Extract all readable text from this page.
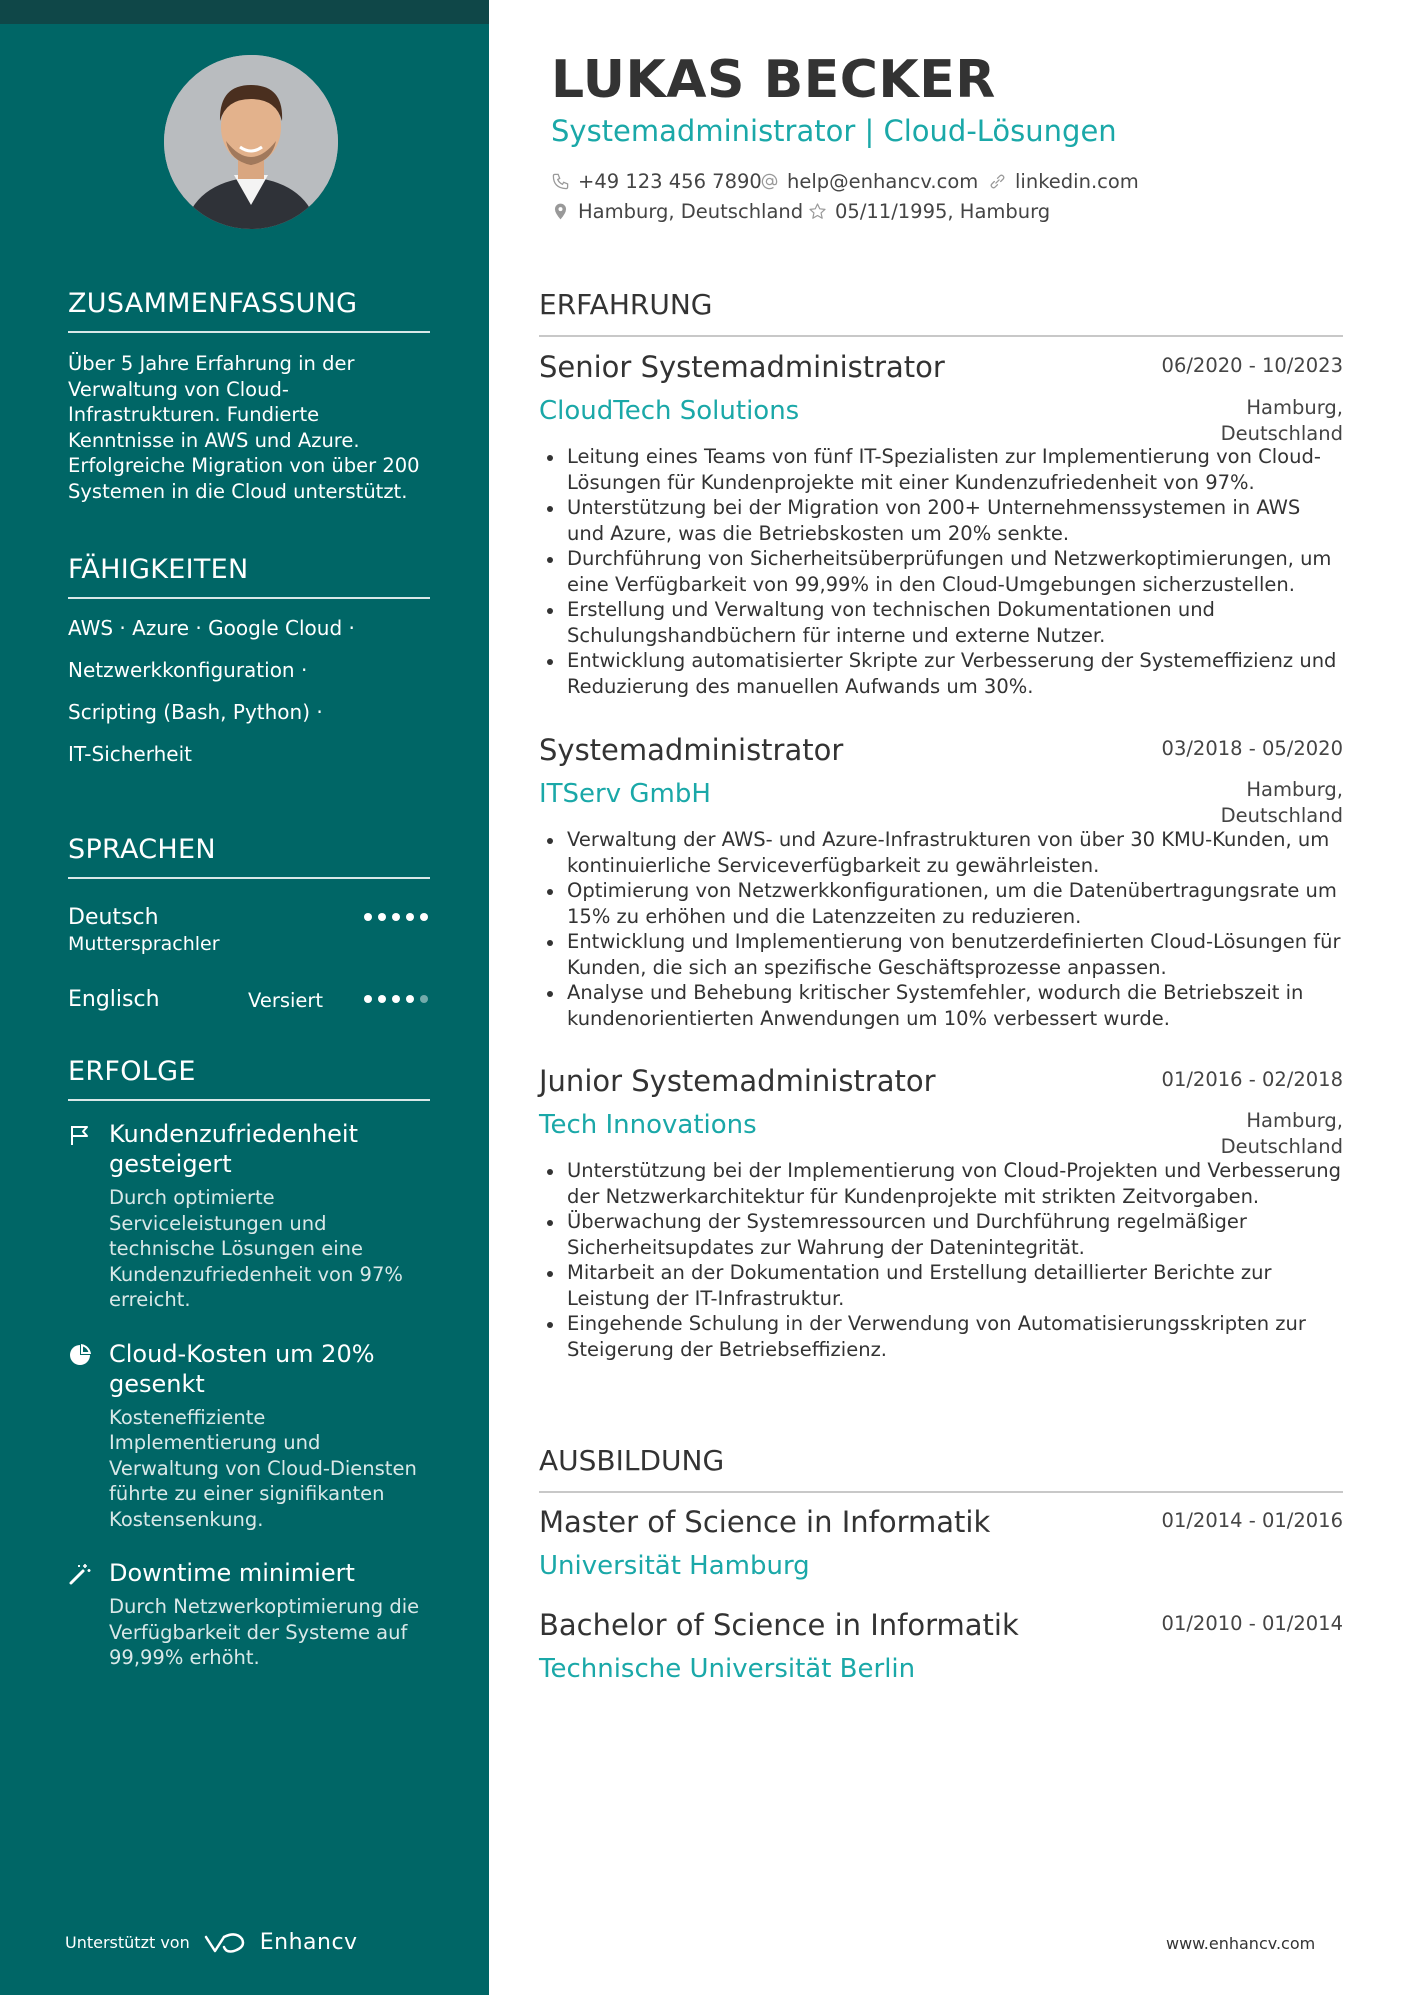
ZUSAMMENFASSUNG
Über 5 Jahre Erfahrung in der Verwaltung von Cloud-Infrastrukturen. Fundierte Kenntnisse in AWS und Azure. Erfolgreiche Migration von über 200 Systemen in die Cloud unterstützt.
FÄHIGKEITEN
AWS · Azure · Google Cloud ·
Netzwerkkonfiguration ·
Scripting (Bash, Python) ·
IT-Sicherheit
SPRACHEN
Deutsch
Muttersprachler
Englisch	Versiert
ERFOLGE
Kundenzufriedenheit gesteigert
Durch optimierte Serviceleistungen und technische Lösungen eine Kundenzufriedenheit von 97% erreicht.
Cloud-Kosten um 20% gesenkt
Kosteneffiziente Implementierung und Verwaltung von Cloud-Diensten führte zu einer signifikanten Kostensenkung.
Downtime minimiert
Durch Netzwerkoptimierung die Verfügbarkeit der Systeme auf 99,99% erhöht.
Unterstützt von	Enhancv
LUKAS BECKER
Systemadministrator | Cloud-Lösungen
+49 123 456 7890 help@enhancv.com linkedin.com
Hamburg, Deutschland 05/11/1995, Hamburg
ERFAHRUNG
Senior Systemadministrator	06/2020 - 10/2023
CloudTech Solutions	Hamburg,
Deutschland
Leitung eines Teams von fünf IT-Spezialisten zur Implementierung von Cloud-Lösungen für Kundenprojekte mit einer Kundenzufriedenheit von 97%.
Unterstützung bei der Migration von 200+ Unternehmenssystemen in AWS und Azure, was die Betriebskosten um 20% senkte.
Durchführung von Sicherheitsüberprüfungen und Netzwerkoptimierungen, um eine Verfügbarkeit von 99,99% in den Cloud-Umgebungen sicherzustellen.
Erstellung und Verwaltung von technischen Dokumentationen und Schulungshandbüchern für interne und externe Nutzer.
Entwicklung automatisierter Skripte zur Verbesserung der Systemeffizienz und Reduzierung des manuellen Aufwands um 30%.
Systemadministrator	03/2018 - 05/2020
ITServ GmbH	Hamburg,
Deutschland
Verwaltung der AWS- und Azure-Infrastrukturen von über 30 KMU-Kunden, um kontinuierliche Serviceverfügbarkeit zu gewährleisten.
Optimierung von Netzwerkkonfigurationen, um die Datenübertragungsrate um 15% zu erhöhen und die Latenzzeiten zu reduzieren.
Entwicklung und Implementierung von benutzerdefinierten Cloud-Lösungen für Kunden, die sich an spezifische Geschäftsprozesse anpassen.
Analyse und Behebung kritischer Systemfehler, wodurch die Betriebszeit in kundenorientierten Anwendungen um 10% verbessert wurde.
Junior Systemadministrator	01/2016 - 02/2018
Tech Innovations	Hamburg,
Deutschland
Unterstützung bei der Implementierung von Cloud-Projekten und Verbesserung der Netzwerkarchitektur für Kundenprojekte mit strikten Zeitvorgaben.
Überwachung der Systemressourcen und Durchführung regelmäßiger Sicherheitsupdates zur Wahrung der Datenintegrität.
Mitarbeit an der Dokumentation und Erstellung detaillierter Berichte zur Leistung der IT-Infrastruktur.
Eingehende Schulung in der Verwendung von Automatisierungsskripten zur Steigerung der Betriebseffizienz.
AUSBILDUNG
Master of Science in Informatik	01/2014 - 01/2016
Universität Hamburg
Bachelor of Science in Informatik	01/2010 - 01/2014
Technische Universität Berlin
www.enhancv.com
